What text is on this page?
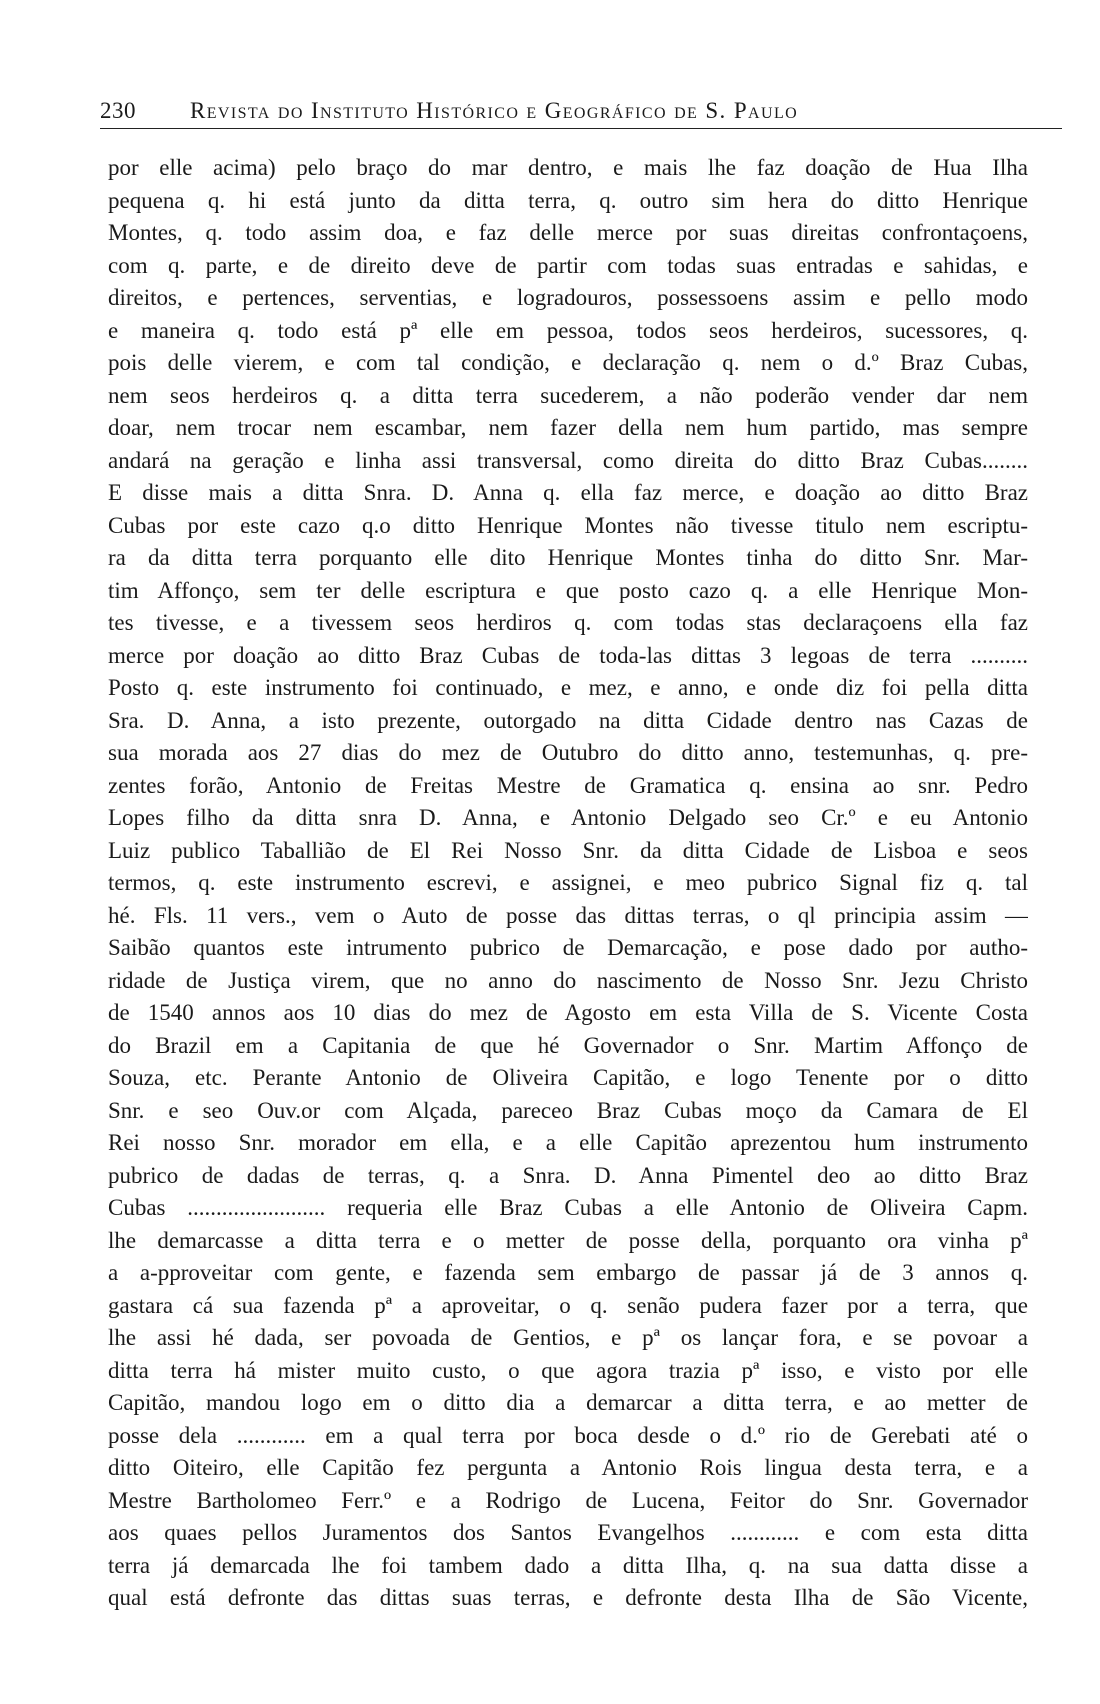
230 Revista do Instituto Histórico e Geográfico de S. Paulo
por elle acima) pelo braço do mar dentro, e mais lhe faz doação de Hua Ilha
pequena q. hi está junto da ditta terra, q. outro sim hera do ditto Henrique
Montes, q. todo assim doa, e faz delle merce por suas direitas confrontaçoens,
com q. parte, e de direito deve de partir com todas suas entradas e sahidas, e
direitos, e pertences, serventias, e logradouros, possessoens assim e pello modo
e maneira q. todo está pª elle em pessoa, todos seos herdeiros, sucessores, q.
pois delle vierem, e com tal condição, e declaração q. nem o d.º Braz Cubas,
nem seos herdeiros q. a ditta terra sucederem, a não poderão vender dar nem
doar, nem trocar nem escambar, nem fazer della nem hum partido, mas sempre
andará na geração e linha assi transversal, como direita do ditto Braz Cubas........
E disse mais a ditta Snra. D. Anna q. ella faz merce, e doação ao ditto Braz
Cubas por este cazo q.o ditto Henrique Montes não tivesse titulo nem escriptu-
ra da ditta terra porquanto elle dito Henrique Montes tinha do ditto Snr. Mar-
tim Affonço, sem ter delle escriptura e que posto cazo q. a elle Henrique Mon-
tes tivesse, e a tivessem seos herdiros q. com todas stas declaraçoens ella faz
merce por doação ao ditto Braz Cubas de toda-las dittas 3 legoas de terra ..........
Posto q. este instrumento foi continuado, e mez, e anno, e onde diz foi pella ditta
Sra. D. Anna, a isto prezente, outorgado na ditta Cidade dentro nas Cazas de
sua morada aos 27 dias do mez de Outubro do ditto anno, testemunhas, q. pre-
zentes forão, Antonio de Freitas Mestre de Gramatica q. ensina ao snr. Pedro
Lopes filho da ditta snra D. Anna, e Antonio Delgado seo Cr.º e eu Antonio
Luiz publico Taballião de El Rei Nosso Snr. da ditta Cidade de Lisboa e seos
termos, q. este instrumento escrevi, e assignei, e meo pubrico Signal fiz q. tal
hé. Fls. 11 vers., vem o Auto de posse das dittas terras, o ql principia assim —
Saibão quantos este intrumento pubrico de Demarcação, e pose dado por autho-
ridade de Justiça virem, que no anno do nascimento de Nosso Snr. Jezu Christo
de 1540 annos aos 10 dias do mez de Agosto em esta Villa de S. Vicente Costa
do Brazil em a Capitania de que hé Governador o Snr. Martim Affonço de
Souza, etc. Perante Antonio de Oliveira Capitão, e logo Tenente por o ditto
Snr. e seo Ouv.or com Alçada, pareceo Braz Cubas moço da Camara de El
Rei nosso Snr. morador em ella, e a elle Capitão aprezentou hum instrumento
pubrico de dadas de terras, q. a Snra. D. Anna Pimentel deo ao ditto Braz
Cubas ........................ requeria elle Braz Cubas a elle Antonio de Oliveira Capm.
lhe demarcasse a ditta terra e o metter de posse della, porquanto ora vinha pª
a a-pproveitar com gente, e fazenda sem embargo de passar já de 3 annos q.
gastara cá sua fazenda pª a aproveitar, o q. senão pudera fazer por a terra, que
lhe assi hé dada, ser povoada de Gentios, e pª os lançar fora, e se povoar a
ditta terra há mister muito custo, o que agora trazia pª isso, e visto por elle
Capitão, mandou logo em o ditto dia a demarcar a ditta terra, e ao metter de
posse dela ............ em a qual terra por boca desde o d.º rio de Gerebati até o
ditto Oiteiro, elle Capitão fez pergunta a Antonio Rois lingua desta terra, e a
Mestre Bartholomeo Ferr.º e a Rodrigo de Lucena, Feitor do Snr. Governador
aos quaes pellos Juramentos dos Santos Evangelhos ............ e com esta ditta
terra já demarcada lhe foi tambem dado a ditta Ilha, q. na sua datta disse a
qual está defronte das dittas suas terras, e defronte desta Ilha de São Vicente,
